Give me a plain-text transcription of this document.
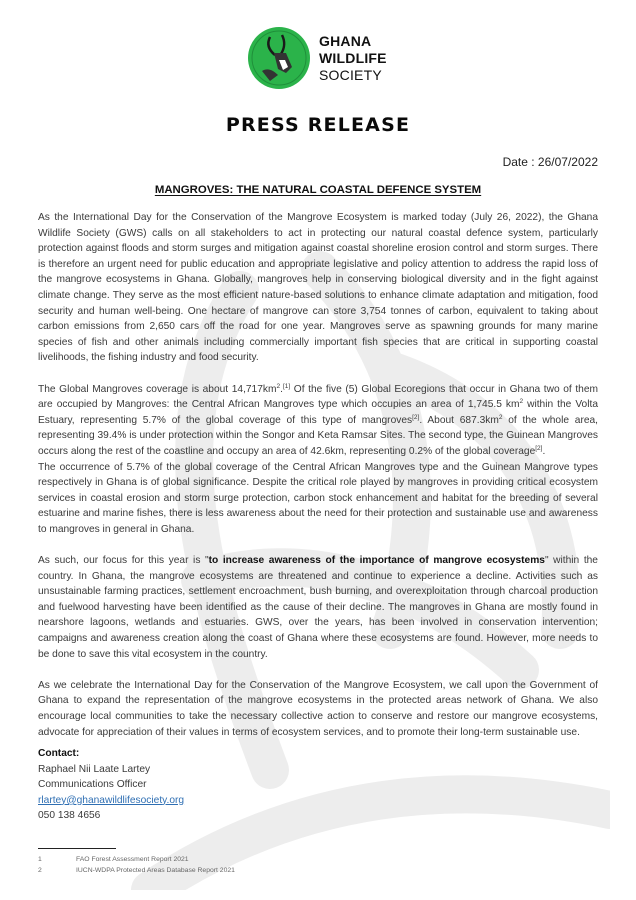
GHANA
WILDLIFE
SOCIETY
PRESS RELEASE
Date : 26/07/2022
MANGROVES: THE NATURAL COASTAL DEFENCE SYSTEM

As the International Day for the Conservation of the Mangrove Ecosystem is marked today (July 26, 2022), the Ghana Wildlife Society (GWS) calls on all stakeholders to act in protecting our natural coastal defence system, particularly protection against floods and storm surges and mitigation against coastal shoreline erosion control and storm surges. There is therefore an urgent need for public education and appropriate legislative and policy attention to address the rapid loss of the mangrove ecosystems in Ghana. Globally, mangroves help in conserving biological diversity and in the fight against climate change. They serve as the most efficient nature-based solutions to enhance climate adaptation and mitigation, food security and human well-being. One hectare of mangrove can store 3,754 tonnes of carbon, equivalent to taking about carbon emissions from 2,650 cars off the road for one year. Mangroves serve as spawning grounds for many marine species of fish and other animals including commercially important fish species that are critical in supporting coastal livelihoods, the fishing industry and food security.

The Global Mangroves coverage is about $14,717km^2.[1]$ Of the five (5) Global Ecoregions that occur in Ghana two of them are occupied by Mangroves: the Central African Mangroves type which occupies an area of 1,745.5 $km^2$ within the Volta Estuary, representing 5.7% of the global coverage of this type of mangroves[2]. About $687.3km^2$ of the whole area, representing 39.4% is under protection within the Songor and Keta Ramsar Sites. The second type, the Guinean Mangroves occurs along the rest of the coastline and occupy an area of 42.6km, representing 0.2% of the global coverage[2].

The occurrence of 5.7% of the global coverage of the Central African Mangroves type and the Guinean Mangrove types respectively in Ghana is of global significance. Despite the critical role played by mangroves in providing critical ecosystem services in coastal erosion and storm surge protection, carbon stock enhancement and habitat for the breeding of several estuarine and marine fishes, there is less awareness about the need for their protection and sustainable use and awareness to mangroves in general in Ghana.

As such, our focus for this year is "to increase awareness of the importance of mangrove ecosystems" within the country. In Ghana, the mangrove ecosystems are threatened and continue to experience a decline. Activities such as unsustainable farming practices, settlement encroachment, bush burning, and overexploitation through charcoal production and fuelwood harvesting have been identified as the cause of their decline. The mangroves in Ghana are mostly found in nearshore lagoons, wetlands and estuaries. GWS, over the years, has been involved in conservation intervention; campaigns and awareness creation along the coast of Ghana where these ecosystems are found. However, more needs to be done to save this vital ecosystem in the country.

As we celebrate the International Day for the Conservation of the Mangrove Ecosystem, we call upon the Government of Ghana to expand the representation of the mangrove ecosystems in the protected areas network of Ghana. We also encourage local communities to take the necessary collective action to conserve and restore our mangrove ecosystems, advocate for appreciation of their values in terms of ecosystem services, and to promote their long-term sustainable use.

Contact:
Raphael Nii Laate Lartey
Communications Officer
rlartey@ghanawildlifesociety.org
050 138 4656
1	FAO Forest Assessment Report 2021
2	IUCN-WDPA Protected Areas Database Report 2021
